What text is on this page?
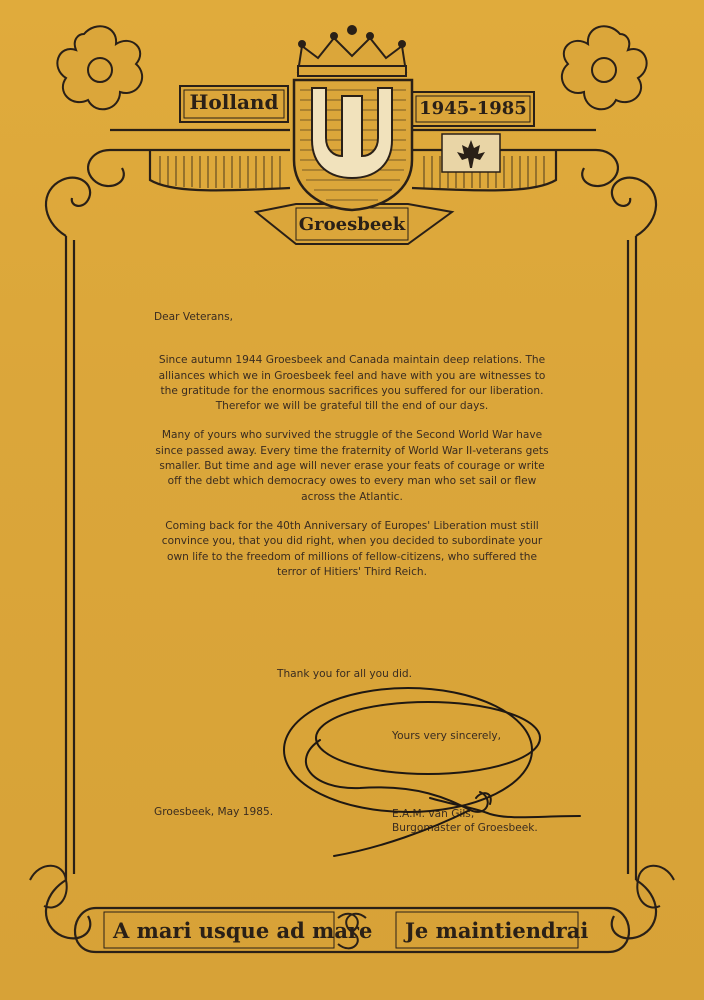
Holland	1945-1985
Groesbeek
Dear Veterans,
Since autumn 1944 Groesbeek and Canada maintain deep relations. The
alliances which we in Groesbeek feel and have with you are witnesses to
the gratitude for the enormous sacrifices you suffered for our liberation.
Therefor we will be grateful till the end of our days.
Many of yours who survived the struggle of the Second World War have
since passed away. Every time the fraternity of World War II-veterans gets
smaller. But time and age will never erase your feats of courage or write
off the debt which democracy owes to every man who set sail or flew
across the Atlantic.
Coming back for the 40th Anniversary of Europes' Liberation must still
convince you, that you did right, when you decided to subordinate your
own life to the freedom of millions of fellow-citizens, who suffered the
terror of Hitiers' Third Reich.
Thank you for all you did.
Yours very sincerely,
Groesbeek, May 1985.	E.A.M. van Gils,
Burgomaster of Groesbeek.
A mari usque ad mare Je maintiendrai
